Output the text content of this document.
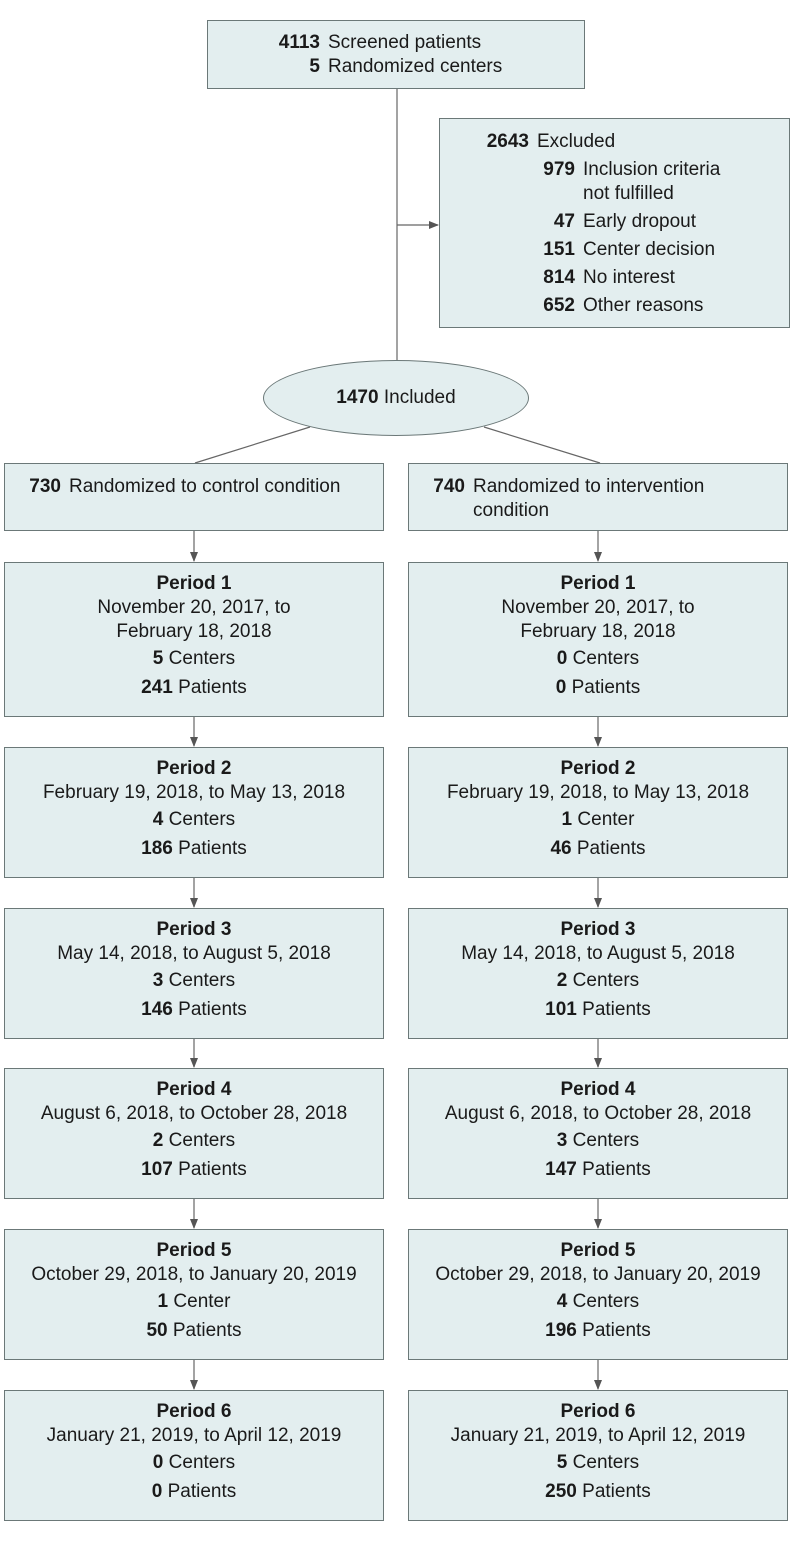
4113 Screened patients
5 Randomized centers
2643 Excluded
979 Inclusion criteria not fulfilled
47 Early dropout
151 Center decision
814 No interest
652 Other reasons
1470
Included
730 Randomized to control condition	740 Randomized to intervention condition
Period 1
November 20, 2017, to
February 18, 2018
5 Centers
241 Patients
Period 2
February 19, 2018, to May 13, 2018
4 Centers
186 Patients
Period 3
May 14, 2018, to August 5, 2018
3 Centers
146 Patients
Period 4
August 6, 2018, to October 28, 2018
2 Centers
107 Patients
Period 5
October 29, 2018, to January 20, 2019
1 Center
50 Patients
Period 6
January 21, 2019, to April 12, 2019
0 Centers
0 Patients
Period 1
November 20, 2017, to
February 18, 2018
0 Centers
0 Patients
Period 2
February 19, 2018, to May 13, 2018
1 Center
46 Patients
Period 3
May 14, 2018, to August 5, 2018
2 Centers
101 Patients
Period 4
August 6, 2018, to October 28, 2018
3 Centers
147 Patients
Period 5
October 29, 2018, to January 20, 2019
4 Centers
196 Patients
Period 6
January 21, 2019, to April 12, 2019
5 Centers
250 Patients
